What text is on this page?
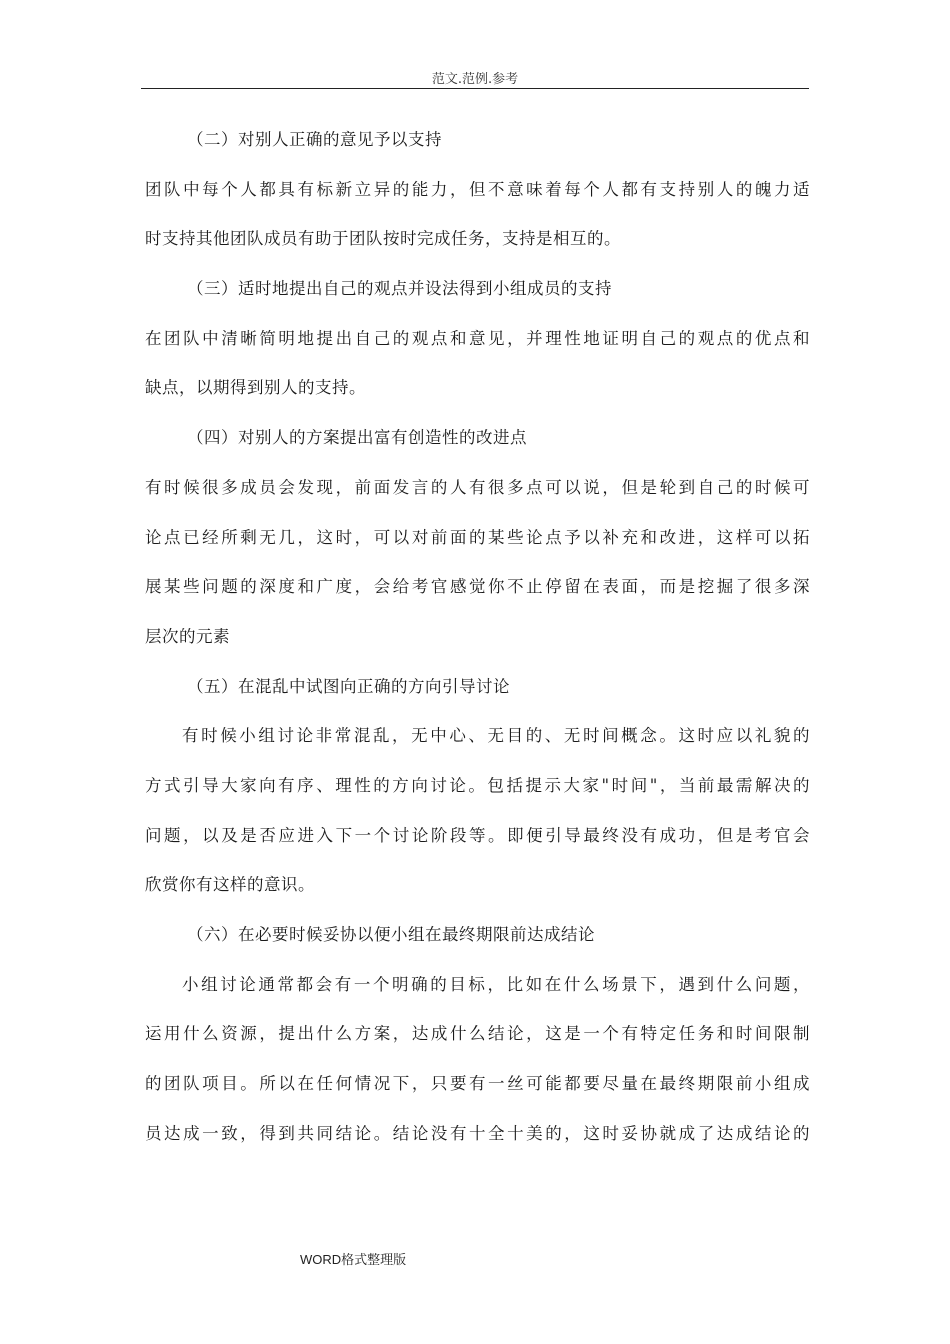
范文.范例.参考
（二）对别人正确的意见予以支持
团队中每个人都具有标新立异的能力，但不意味着每个人都有支持别人的魄力适
时支持其他团队成员有助于团队按时完成任务，支持是相互的。
（三）适时地提出自己的观点并设法得到小组成员的支持
在团队中清晰简明地提出自己的观点和意见，并理性地证明自己的观点的优点和
缺点，以期得到别人的支持。
（四）对别人的方案提出富有创造性的改进点
有时候很多成员会发现，前面发言的人有很多点可以说，但是轮到自己的时候可
论点已经所剩无几，这时，可以对前面的某些论点予以补充和改进，这样可以拓
展某些问题的深度和广度，会给考官感觉你不止停留在表面，而是挖掘了很多深
层次的元素
（五）在混乱中试图向正确的方向引导讨论
有时候小组讨论非常混乱，无中心、无目的、无时间概念。这时应以礼貌的
方式引导大家向有序、理性的方向讨论。包括提示大家"时间"，当前最需解决的
问题，以及是否应进入下一个讨论阶段等。即便引导最终没有成功，但是考官会
欣赏你有这样的意识。
（六）在必要时候妥协以便小组在最终期限前达成结论
小组讨论通常都会有一个明确的目标，比如在什么场景下，遇到什么问题，
运用什么资源，提出什么方案，达成什么结论，这是一个有特定任务和时间限制
的团队项目。所以在任何情况下，只要有一丝可能都要尽量在最终期限前小组成
员达成一致，得到共同结论。结论没有十全十美的，这时妥协就成了达成结论的
WORD格式整理版
